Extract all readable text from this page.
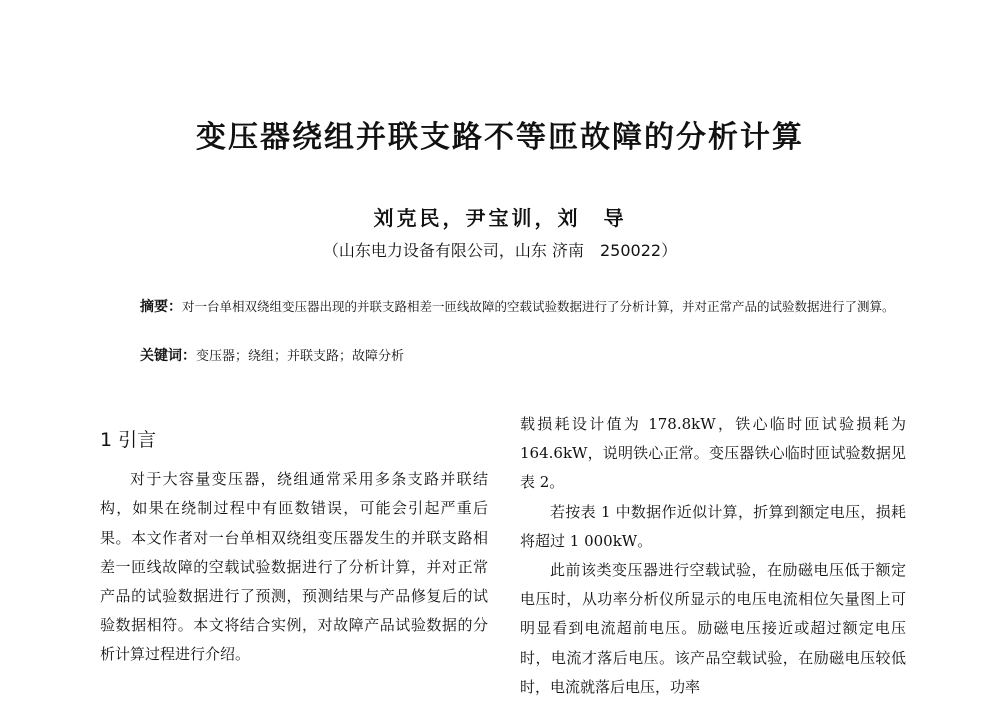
变压器绕组并联支路不等匝故障的分析计算
刘克民，尹宝训，刘　导
（山东电力设备有限公司，山东 济南　250022）
摘要：对一台单相双绕组变压器出现的并联支路相差一匝线故障的空载试验数据进行了分析计算，并对正常产品的试验数据进行了测算。
关键词：变压器；绕组；并联支路；故障分析
1 引言

对于大容量变压器，绕组通常采用多条支路并联结构，如果在绕制过程中有匝数错误，可能会引起严重后果。本文作者对一台单相双绕组变压器发生的并联支路相差一匝线故障的空载试验数据进行了分析计算，并对正常产品的试验数据进行了预测，预测结果与产品修复后的试验数据相符。本文将结合实例，对故障产品试验数据的分析计算过程进行介绍。

载损耗设计值为 178.8kW，铁心临时匝试验损耗为 164.6kW，说明铁心正常。变压器铁心临时匝试验数据见表 2。

若按表 1 中数据作近似计算，折算到额定电压，损耗将超过 1 000kW。

此前该类变压器进行空载试验，在励磁电压低于额定电压时，从功率分析仪所显示的电压电流相位矢量图上可明显看到电流超前电压。励磁电压接近或超过额定电压时，电流才落后电压。该产品空载试验，在励磁电压较低时，电流就落后电压，功率
